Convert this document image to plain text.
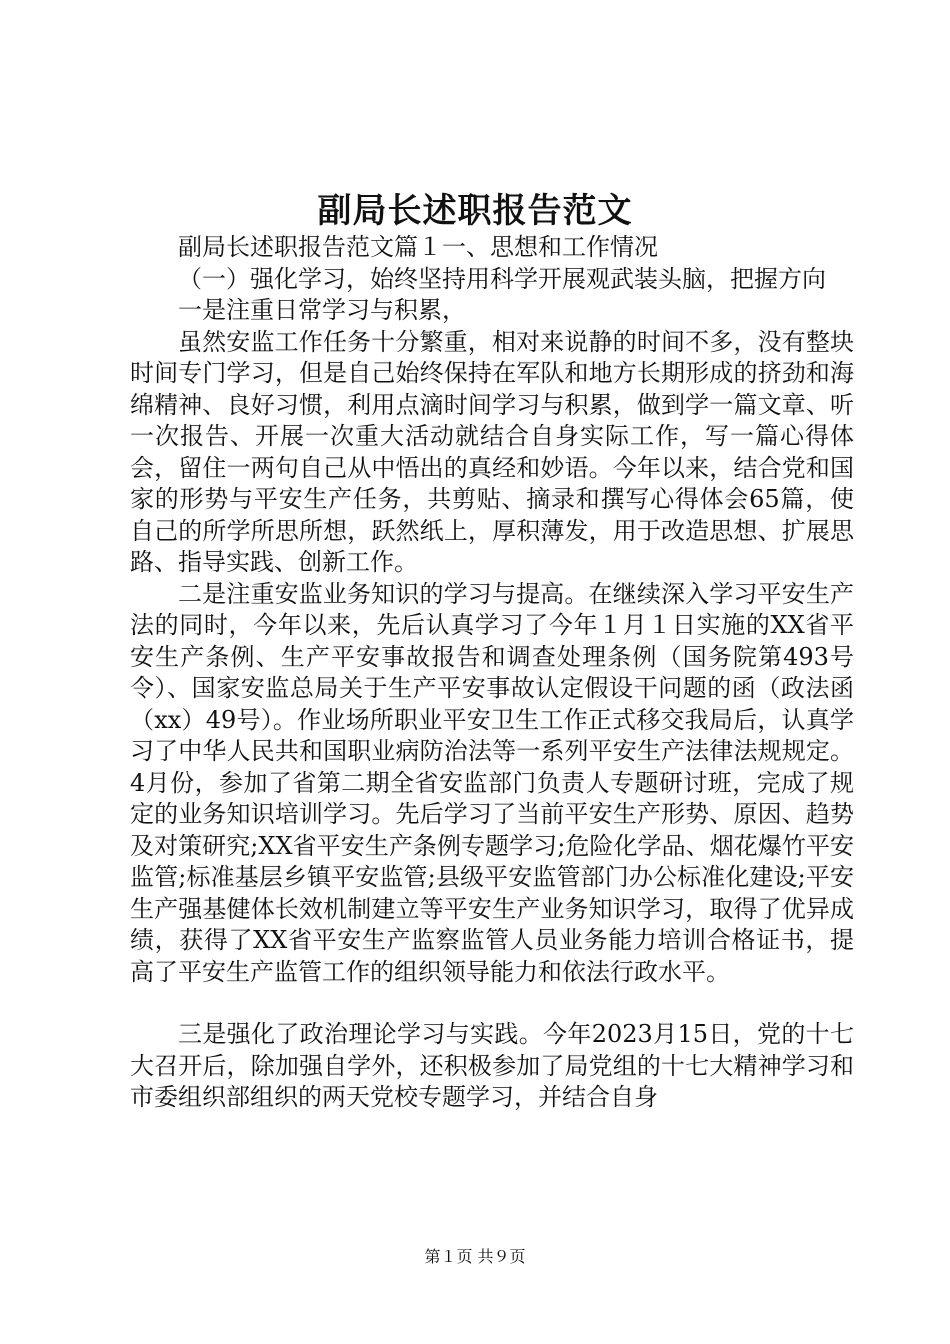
副局长述职报告范文

副局长述职报告范文篇１一、思想和工作情况

（一）强化学习，始终坚持用科学开展观武装头脑，把握方向

一是注重日常学习与积累，

虽然安监工作任务十分繁重，相对来说静的时间不多，没有整块时间专门学习，但是自己始终保持在军队和地方长期形成的挤劲和海绵精神、良好习惯，利用点滴时间学习与积累，做到学一篇文章、听一次报告、开展一次重大活动就结合自身实际工作，写一篇心得体会，留住一两句自己从中悟出的真经和妙语。今年以来，结合党和国家的形势与平安生产任务，共剪贴、摘录和撰写心得体会65篇，使自己的所学所思所想，跃然纸上，厚积薄发，用于改造思想、扩展思路、指导实践、创新工作。

二是注重安监业务知识的学习与提高。在继续深入学习平安生产法的同时，今年以来，先后认真学习了今年１月１日实施的XX省平安生产条例、生产平安事故报告和调查处理条例（国务院第493号令）、国家安监总局关于生产平安事故认定假设干问题的函（政法函（xx）49号）。作业场所职业平安卫生工作正式移交我局后，认真学习了中华人民共和国职业病防治法等一系列平安生产法律法规规定。4月份，参加了省第二期全省安监部门负责人专题研讨班，完成了规定的业务知识培训学习。先后学习了当前平安生产形势、原因、趋势及对策研究;XX省平安生产条例专题学习;危险化学品、烟花爆竹平安监管;标准基层乡镇平安监管;县级平安监管部门办公标准化建设;平安生产强基健体长效机制建立等平安生产业务知识学习，取得了优异成绩，获得了XX省平安生产监察监管人员业务能力培训合格证书，提高了平安生产监管工作的组织领导能力和依法行政水平。

三是强化了政治理论学习与实践。今年2023月15日，党的十七大召开后，除加强自学外，还积极参加了局党组的十七大精神学习和市委组织部组织的两天党校专题学习，并结合自身

第１页 共９页
